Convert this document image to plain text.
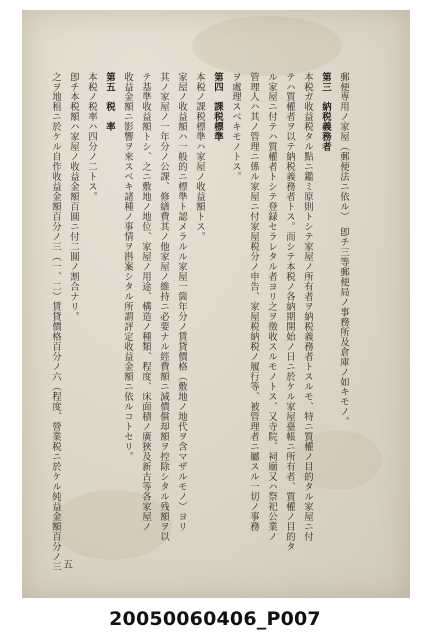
郵便専用ノ家屋（郵便法ニ依ル）　卽チ三等郵便局ノ事務所及倉庫ノ如キモノ。
第三　納税義務者
本税ガ收益税タル點ニ鑑ミ原則トシテ家屋ノ所有者ヲ納税義務者トスルモ、特ニ質權ノ目的タル家屋ニ付
テハ質權者ヲ以テ納税義務者トス。而シテ本税ノ各納期開始ノ日ニ於ケル家屋臺帳ニ所有者、質權ノ目的タ
ル家屋ニ付テハ質權者トシテ登録セラレタル者ヨリ之ヲ徵收スルモノトス、又寺院、祠廟又ハ祭祀公業ノ
管理人ハ其ノ管理ニ係ル家屋ニ付家屋税分ノ申告、家屋税納税ノ履行等、被管理者ニ屬スル一切ノ事務
ヲ處理スベキモノトス。
第四　課税標準
本税ノ課税標準ハ家屋ノ收益額トス。
家屋ノ收益額ハ一般的ニ標準ト認メラルル家屋一箇年分ノ賃貸價格（敷地ノ地代ヲ含マザルモノ）ヨリ
其ノ家屋ノ一年分ノ公課、修繕費其ノ他家屋ノ維持ニ必要ナル經費額ニ減價償却額ヲ控除シタル残額ヲ以
テ基準收益額トシ、之ニ敷地ノ地位、家屋ノ用途、構造ノ種類、程度、床面積ノ廣狹及新古等各家屋ノ
收益金額ニ影響ヲ來スベキ諸種ノ事情ヲ斟案シタル所謂評定收益金額ニ依ルコトセリ。
第五　税　率
本税ノ税率ハ四分ノ二トス。
卽チ本税額ハ家屋ノ收益金額百圓ニ付二圓ノ割合ナリ。
之ヲ地租ニ於ケル自作收益金額百分ノ三（一、二）賃貸價格百分ノ六（程度、營業税ニ於ケル純益金額百分ノ三 五
20050060406_P007
